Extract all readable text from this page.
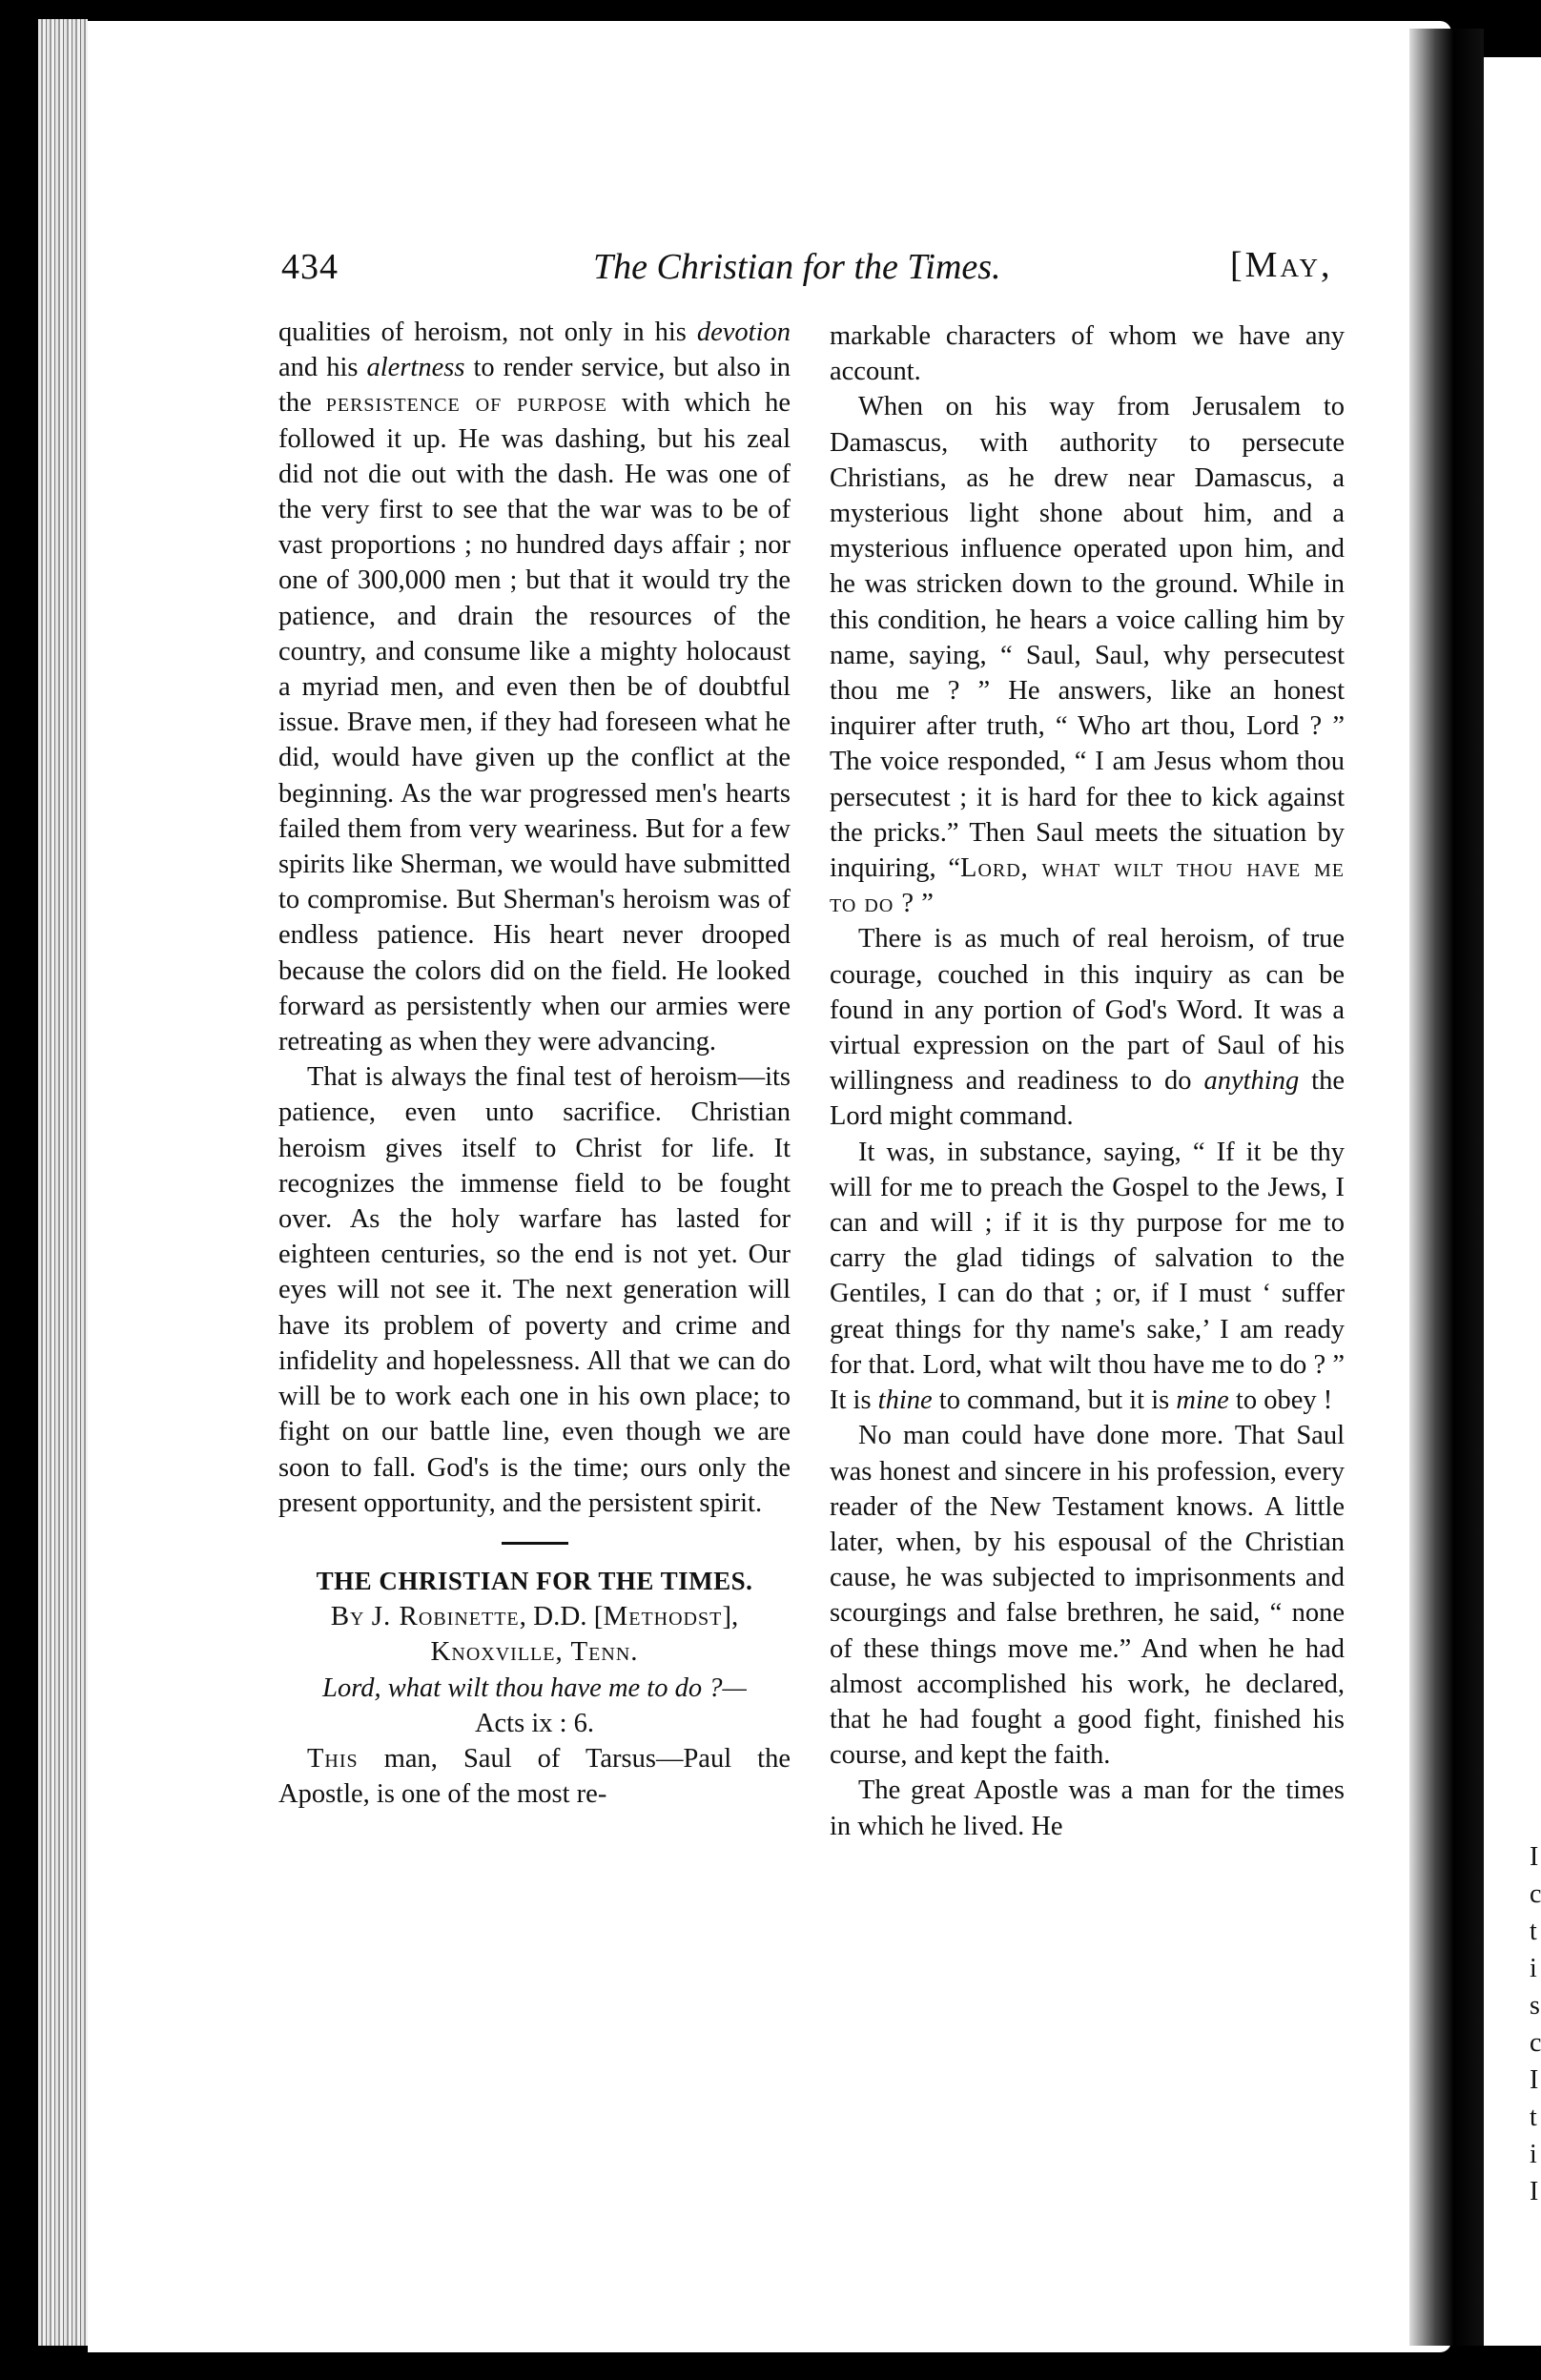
434	The Christian for the Times.	[May,

qualities of heroism, not only in his devotion and his alertness to render service, but also in the persistence of purpose with which he followed it up. He was dashing, but his zeal did not die out with the dash. He was one of the very first to see that the war was to be of vast proportions ; no hundred days affair ; nor one of 300,000 men ; but that it would try the patience, and drain the resources of the country, and consume like a mighty holocaust a myriad men, and even then be of doubtful issue. Brave men, if they had foreseen what he did, would have given up the conflict at the beginning. As the war progressed men's hearts failed them from very weariness. But for a few spirits like Sherman, we would have submitted to compromise. But Sherman's heroism was of endless patience. His heart never drooped because the colors did on the field. He looked forward as persistently when our armies were retreating as when they were advancing.

That is always the final test of heroism—its patience, even unto sacrifice. Christian heroism gives itself to Christ for life. It recognizes the immense field to be fought over. As the holy warfare has lasted for eighteen centuries, so the end is not yet. Our eyes will not see it. The next generation will have its problem of poverty and crime and infidelity and hopelessness. All that we can do will be to work each one in his own place; to fight on our battle line, even though we are soon to fall. God's is the time; ours only the present opportunity, and the persistent spirit.

THE CHRISTIAN FOR THE TIMES.

By J. Robinette, D.D. [Methodst],

Knoxville, Tenn.

Lord, what wilt thou have me to do ?—
Acts ix : 6.

This man, Saul of Tarsus—Paul the Apostle, is one of the most re-

markable characters of whom we have any account.

When on his way from Jerusalem to Damascus, with authority to persecute Christians, as he drew near Damascus, a mysterious light shone about him, and a mysterious influence operated upon him, and he was stricken down to the ground. While in this condition, he hears a voice calling him by name, saying, “ Saul, Saul, why persecutest thou me ? ” He answers, like an honest inquirer after truth, “ Who art thou, Lord ? ” The voice responded, “ I am Jesus whom thou persecutest ; it is hard for thee to kick against the pricks.” Then Saul meets the situation by inquiring, “Lord, what wilt thou have me to do ? ”

There is as much of real heroism, of true courage, couched in this inquiry as can be found in any portion of God's Word. It was a virtual expression on the part of Saul of his willingness and readiness to do anything the Lord might command.

It was, in substance, saying, “ If it be thy will for me to preach the Gospel to the Jews, I can and will ; if it is thy purpose for me to carry the glad tidings of salvation to the Gentiles, I can do that ; or, if I must ‘ suffer great things for thy name's sake,’ I am ready for that. Lord, what wilt thou have me to do ? ” It is thine to command, but it is mine to obey !

No man could have done more. That Saul was honest and sincere in his profession, every reader of the New Testament knows. A little later, when, by his espousal of the Christian cause, he was subjected to imprisonments and scourgings and false brethren, he said, “ none of these things move me.” And when he had almost accomplished his work, he declared, that he had fought a good fight, finished his course, and kept the faith.

The great Apostle was a man for the times in which he lived. He

I
c
t
i
s
c
I
t
i
I
